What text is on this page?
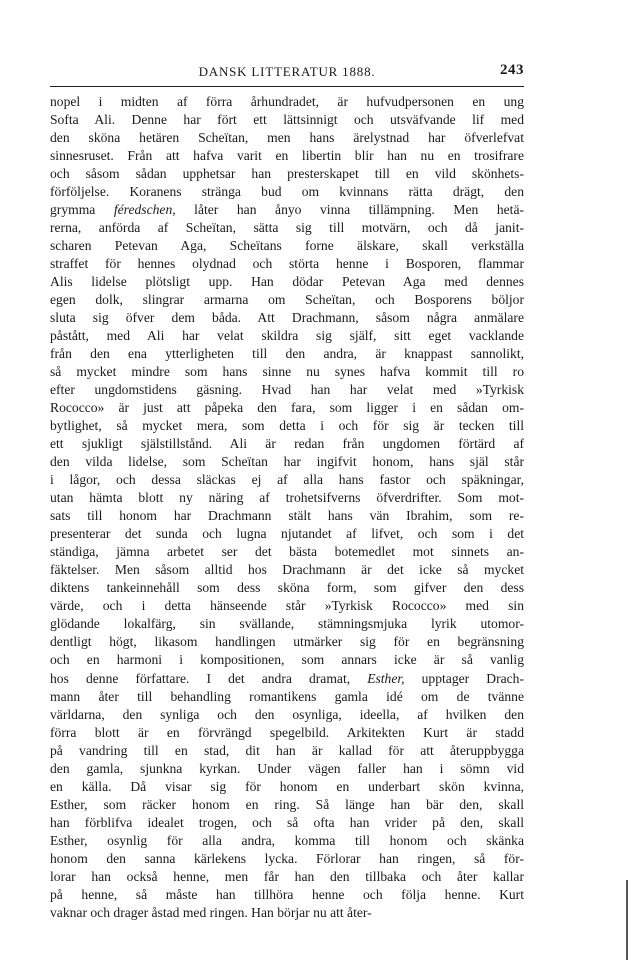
DANSK LITTERATUR 1888.	243
nopel i midten af förra århundradet, är hufvudpersonen en ung
Softa Ali. Denne har fört ett lättsinnigt och utsväfvande lif med
den sköna hetären Scheïtan, men hans ärelystnad har öfverlefvat
sinnesruset. Från att hafva varit en libertin blir han nu en trosifrare
och såsom sådan upphetsar han presterskapet till en vild skönhets-
förföljelse. Koranens stränga bud om kvinnans rätta drägt, den
grymma féredschen, låter han ånyo vinna tillämpning. Men hetä-
rerna, anförda af Scheïtan, sätta sig till motvärn, och då janit-
scharen Petevan Aga, Scheïtans forne älskare, skall verkställa
straffet för hennes olydnad och störta henne i Bosporen, flammar
Alis lidelse plötsligt upp. Han dödar Petevan Aga med dennes
egen dolk, slingrar armarna om Scheïtan, och Bosporens böljor
sluta sig öfver dem båda. Att Drachmann, såsom några anmälare
påstått, med Ali har velat skildra sig själf, sitt eget vacklande
från den ena ytterligheten till den andra, är knappast sannolikt,
så mycket mindre som hans sinne nu synes hafva kommit till ro
efter ungdomstidens gäsning. Hvad han har velat med »Tyrkisk
Rococco» är just att påpeka den fara, som ligger i en sådan om-
bytlighet, så mycket mera, som detta i och för sig är tecken till
ett sjukligt själstillstånd. Ali är redan från ungdomen förtärd af
den vilda lidelse, som Scheïtan har ingifvit honom, hans själ står
i lågor, och dessa släckas ej af alla hans fastor och späkningar,
utan hämta blott ny näring af trohetsifverns öfverdrifter. Som mot-
sats till honom har Drachmann stält hans vän Ibrahim, som re-
presenterar det sunda och lugna njutandet af lifvet, och som i det
ständiga, jämna arbetet ser det bästa botemedlet mot sinnets an-
fäktelser. Men såsom alltid hos Drachmann är det icke så mycket
diktens tankeinnehåll som dess sköna form, som gifver den dess
värde, och i detta hänseende står »Tyrkisk Rococco» med sin
glödande lokalfärg, sin svällande, stämningsmjuka lyrik utomor-
dentligt högt, likasom handlingen utmärker sig för en begränsning
och en harmoni i kompositionen, som annars icke är så vanlig
hos denne författare. I det andra dramat, Esther, upptager Drach-
mann åter till behandling romantikens gamla idé om de tvänne
världarna, den synliga och den osynliga, ideella, af hvilken den
förra blott är en förvrängd spegelbild. Arkitekten Kurt är stadd
på vandring till en stad, dit han är kallad för att återuppbygga
den gamla, sjunkna kyrkan. Under vägen faller han i sömn vid
en källa. Då visar sig för honom en underbart skön kvinna,
Esther, som räcker honom en ring. Så länge han bär den, skall
han förblifva idealet trogen, och så ofta han vrider på den, skall
Esther, osynlig för alla andra, komma till honom och skänka
honom den sanna kärlekens lycka. Förlorar han ringen, så för-
lorar han också henne, men får han den tillbaka och åter kallar
på henne, så måste han tillhöra henne och följa henne. Kurt
vaknar och drager åstad med ringen. Han börjar nu att åter-
